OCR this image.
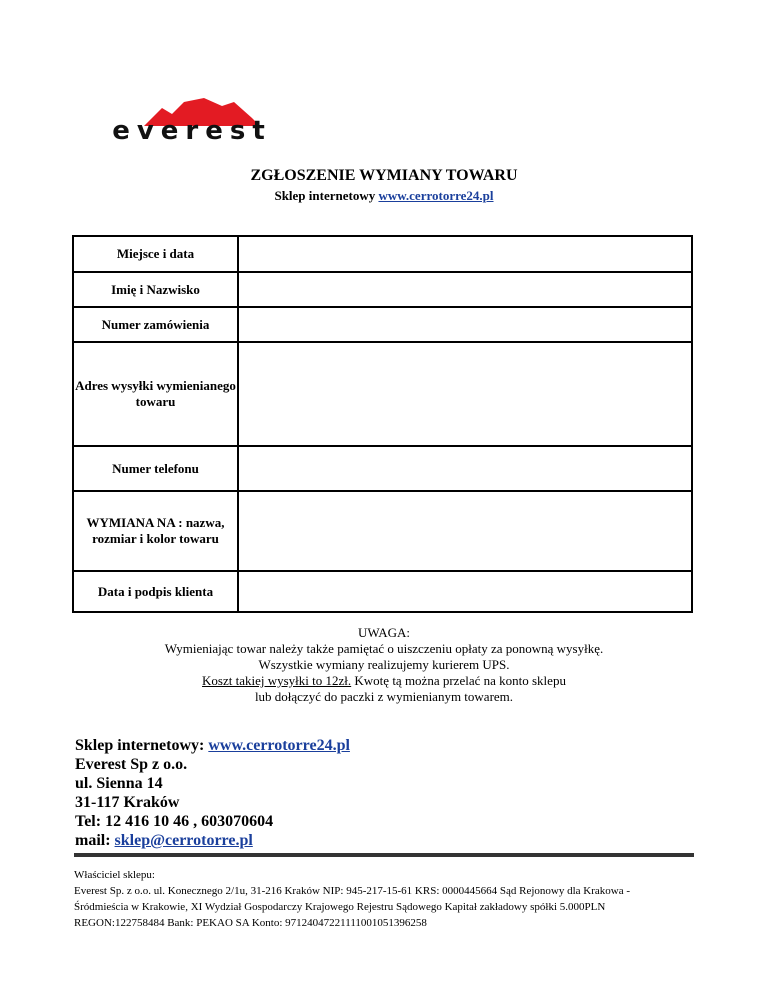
everest
ZGŁOSZENIE WYMIANY TOWARU
Sklep internetowy www.cerrotorre24.pl
Miejsce i data	
Imię i Nazwisko	
Numer zamówienia	
Adres wysyłki wymienianego towaru	
Numer telefonu	
WYMIANA NA : nazwa, rozmiar i kolor towaru	
Data i podpis klienta	
UWAGA:
Wymieniając towar należy także pamiętać o uiszczeniu opłaty za ponowną wysyłkę.
Wszystkie wymiany realizujemy kurierem UPS.
Koszt takiej wysyłki to 12zł. Kwotę tą można przelać na konto sklepu
lub dołączyć do paczki z wymienianym towarem.
Sklep internetowy: www.cerrotorre24.pl
Everest Sp z o.o.
ul. Sienna 14
31-117 Kraków
Tel: 12 416 10 46 , 603070604
mail: sklep@cerrotorre.pl
Właściciel sklepu:
Everest Sp. z o.o. ul. Koneczn​ego 2/1u, 31-216 Kraków NIP: 945-217-15-61 KRS: 0000445664 Sąd Rejonowy dla Krakowa -
Śródmieścia w Krakowie, XI Wydział Gospodarczy Krajowego Rejestru Sądowego Kapitał zakładowy spółki 5.000PLN
REGON:122758484 Bank: PEKAO SA Konto: 97124047221111001051396258
